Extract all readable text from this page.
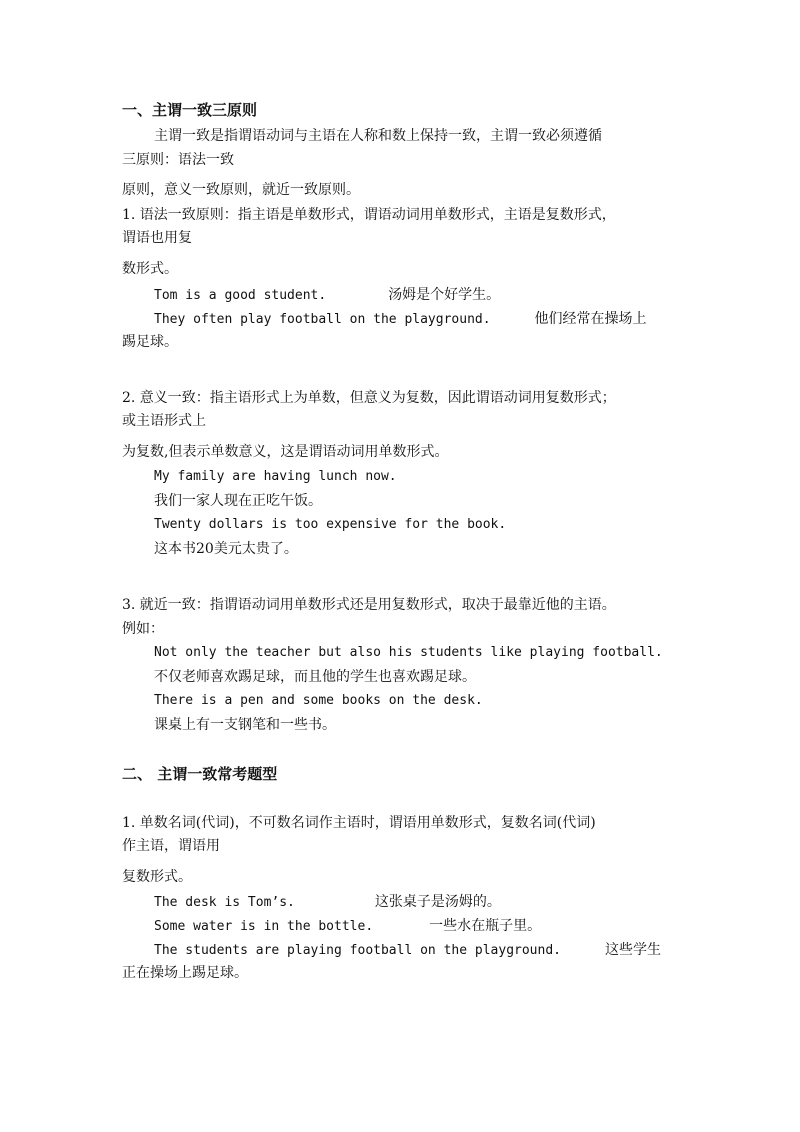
一、主谓一致三原则
主谓一致是指谓语动词与主语在人称和数上保持一致，主谓一致必须遵循
三原则：语法一致
原则，意义一致原则，就近一致原则。
1. 语法一致原则：指主语是单数形式，谓语动词用单数形式，主语是复数形式，
谓语也用复
数形式。
Tom is a good student.	汤姆是个好学生。
They often play football on the playground.	他们经常在操场上
踢足球。
2. 意义一致：指主语形式上为单数，但意义为复数，因此谓语动词用复数形式；
或主语形式上
为复数,但表示单数意义，这是谓语动词用单数形式。
My family are having lunch now.
我们一家人现在正吃午饭。
Twenty dollars is too expensive for the book.
这本书20美元太贵了。
3. 就近一致：指谓语动词用单数形式还是用复数形式，取决于最靠近他的主语。
例如：
Not only the teacher but also his students like playing football.
不仅老师喜欢踢足球，而且他的学生也喜欢踢足球。
There is a pen and some books on the desk.
课桌上有一支钢笔和一些书。
二、 主谓一致常考题型
1. 单数名词(代词)，不可数名词作主语时，谓语用单数形式，复数名词(代词)
作主语，谓语用
复数形式。
The desk is Tom’s.	这张桌子是汤姆的。
Some water is in the bottle.	一些水在瓶子里。
The students are playing football on the playground.	这些学生
正在操场上踢足球。
